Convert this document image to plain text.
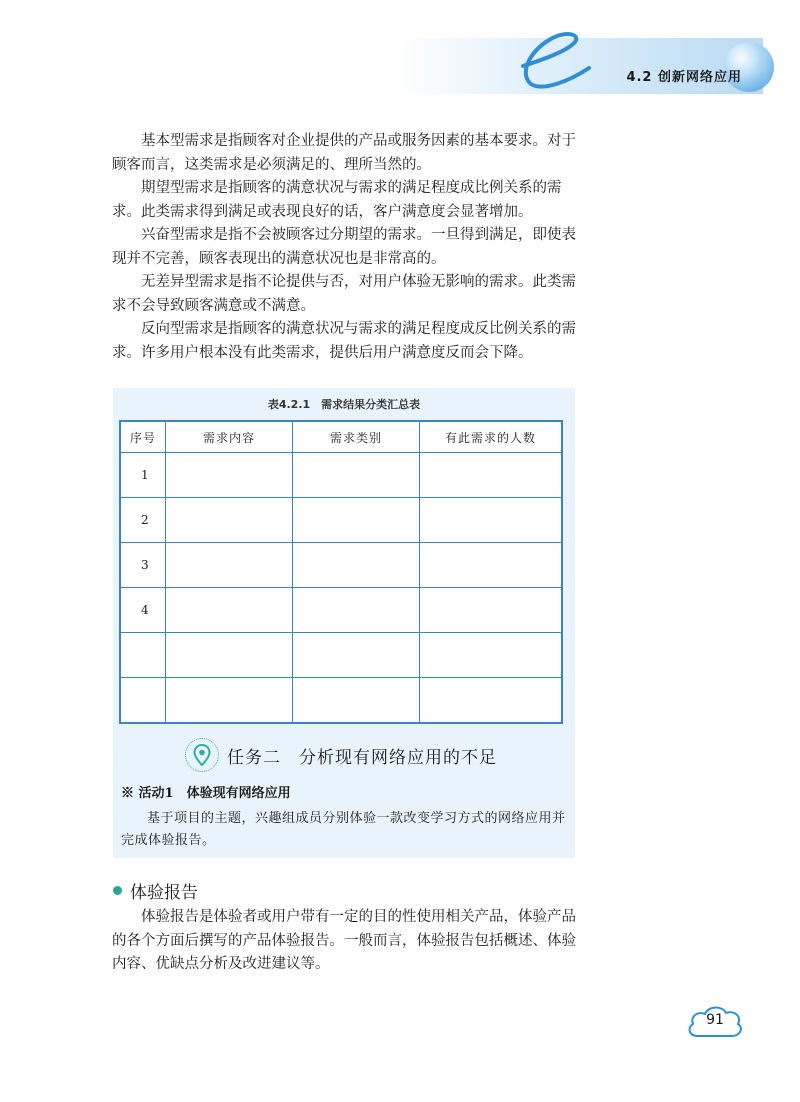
4.2 创新网络应用

基本型需求是指顾客对企业提供的产品或服务因素的基本要求。对于顾客而言，这类需求是必须满足的、理所当然的。

期望型需求是指顾客的满意状况与需求的满足程度成比例关系的需求。此类需求得到满足或表现良好的话，客户满意度会显著增加。

兴奋型需求是指不会被顾客过分期望的需求。一旦得到满足，即使表现并不完善，顾客表现出的满意状况也是非常高的。

无差异型需求是指不论提供与否，对用户体验无影响的需求。此类需求不会导致顾客满意或不满意。

反向型需求是指顾客的满意状况与需求的满足程度成反比例关系的需求。许多用户根本没有此类需求，提供后用户满意度反而会下降。

表4.2.1　需求结果分类汇总表
序号	需求内容	需求类别	有此需求的人数
1			
2			
3			
4			

任务二　分析现有网络应用的不足
※ 活动1　体验现有网络应用

基于项目的主题，兴趣组成员分别体验一款改变学习方式的网络应用并完成体验报告。

体验报告

体验报告是体验者或用户带有一定的目的性使用相关产品，体验产品的各个方面后撰写的产品体验报告。一般而言，体验报告包括概述、体验内容、优缺点分析及改进建议等。

91
